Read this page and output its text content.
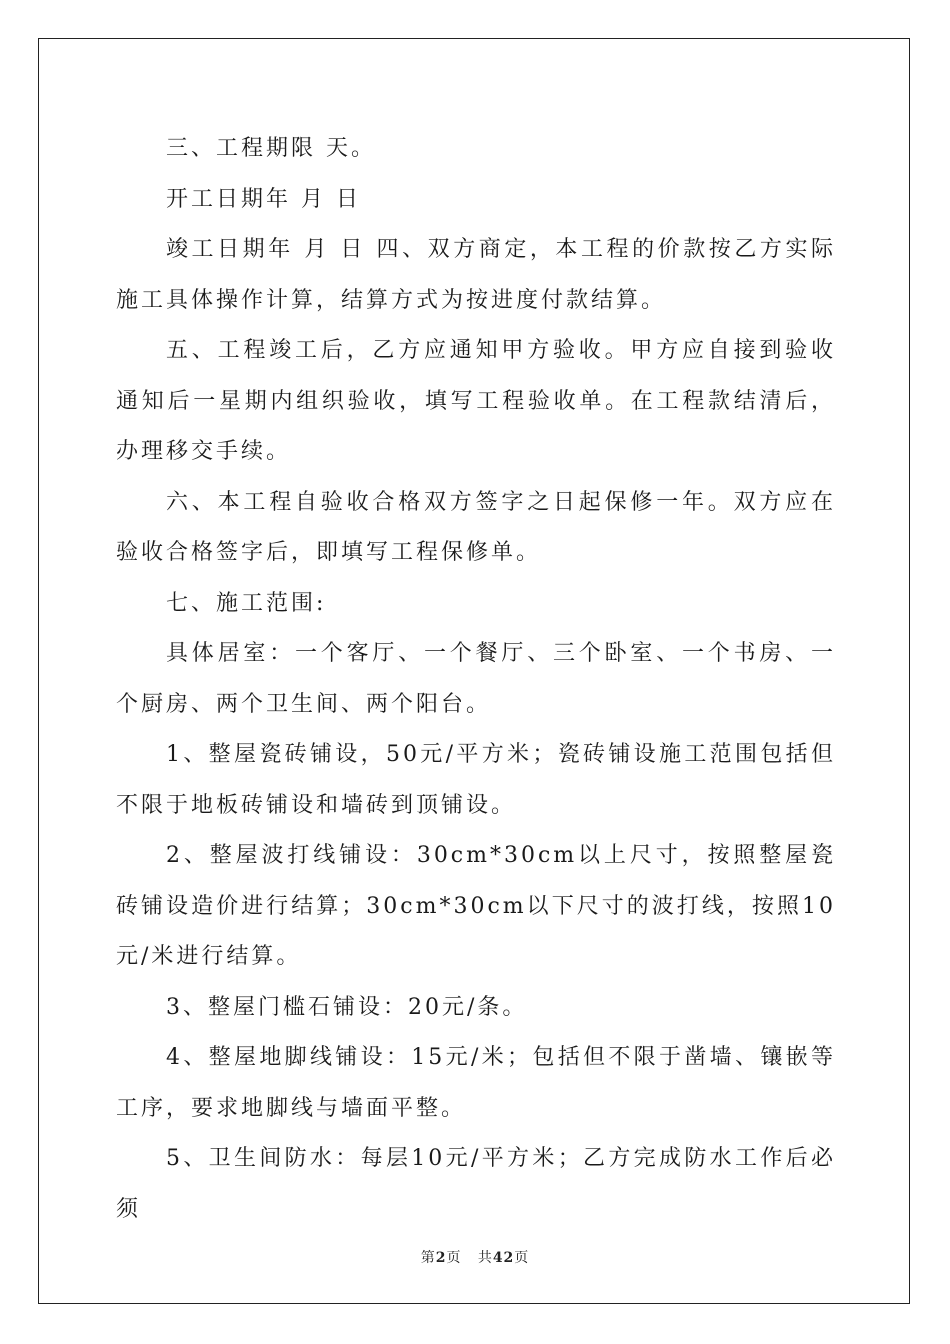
三、工程期限 天。

开工日期年 月 日

竣工日期年 月 日 四、双方商定，本工程的价款按乙方实际施工具体操作计算，结算方式为按进度付款结算。

五、工程竣工后，乙方应通知甲方验收。甲方应自接到验收通知后一星期内组织验收，填写工程验收单。在工程款结清后，办理移交手续。

六、本工程自验收合格双方签字之日起保修一年。双方应在验收合格签字后，即填写工程保修单。

七、施工范围:

具体居室：一个客厅、一个餐厅、三个卧室、一个书房、一个厨房、两个卫生间、两个阳台。

1、整屋瓷砖铺设，50元/平方米；瓷砖铺设施工范围包括但不限于地板砖铺设和墙砖到顶铺设。

2、整屋波打线铺设：30cm*30cm以上尺寸，按照整屋瓷砖铺设造价进行结算；30cm*30cm以下尺寸的波打线，按照10元/米进行结算。

3、整屋门槛石铺设：20元/条。

4、整屋地脚线铺设：15元/米；包括但不限于凿墙、镶嵌等工序，要求地脚线与墙面平整。

5、卫生间防水：每层10元/平方米；乙方完成防水工作后必须

第2页 共42页
